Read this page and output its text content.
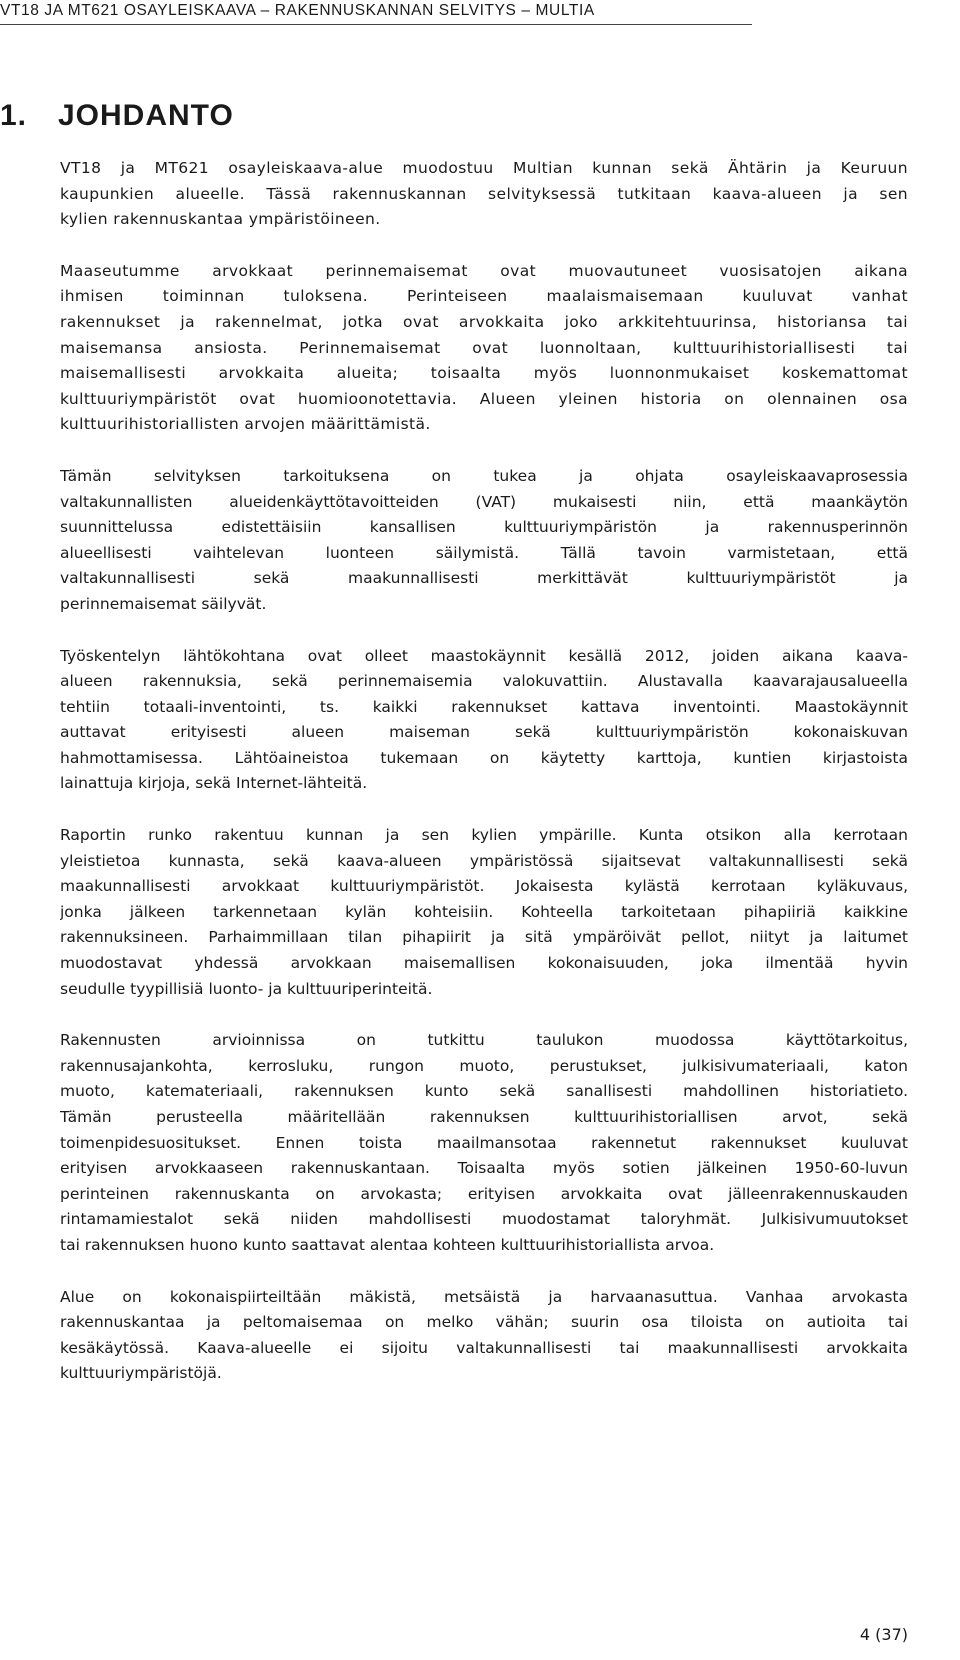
VT18 JA MT621 OSAYLEISKAAVA – RAKENNUSKANNAN SELVITYS – MULTIA
1. JOHDANTO

VT18 ja MT621 osayleiskaava-alue muodostuu Multian kunnan sekä Ähtärin ja Keuruun
kaupunkien alueelle. Tässä rakennuskannan selvityksessä tutkitaan kaava-alueen ja sen
kylien rakennuskantaa ympäristöineen.

Maaseutumme arvokkaat perinnemaisemat ovat muovautuneet vuosisatojen aikana
ihmisen toiminnan tuloksena. Perinteiseen maalaismaisemaan kuuluvat vanhat
rakennukset ja rakennelmat, jotka ovat arvokkaita joko arkkitehtuurinsa, historiansa tai
maisemansa ansiosta. Perinnemaisemat ovat luonnoltaan, kulttuurihistoriallisesti tai
maisemallisesti arvokkaita alueita; toisaalta myös luonnonmukaiset koskemattomat
kulttuuriympäristöt ovat huomioonotettavia. Alueen yleinen historia on olennainen osa
kulttuurihistoriallisten arvojen määrittämistä.

Tämän selvityksen tarkoituksena on tukea ja ohjata osayleiskaavaprosessia
valtakunnallisten alueidenkäyttötavoitteiden (VAT) mukaisesti niin, että maankäytön
suunnittelussa edistettäisiin kansallisen kulttuuriympäristön ja rakennusperinnön
alueellisesti vaihtelevan luonteen säilymistä. Tällä tavoin varmistetaan, että
valtakunnallisesti sekä maakunnallisesti merkittävät kulttuuriympäristöt ja
perinnemaisemat säilyvät.

Työskentelyn lähtökohtana ovat olleet maastokäynnit kesällä 2012, joiden aikana kaava-
alueen rakennuksia, sekä perinnemaisemia valokuvattiin. Alustavalla kaavarajausalueella
tehtiin totaali-inventointi, ts. kaikki rakennukset kattava inventointi. Maastokäynnit
auttavat erityisesti alueen maiseman sekä kulttuuriympäristön kokonaiskuvan
hahmottamisessa. Lähtöaineistoa tukemaan on käytetty karttoja, kuntien kirjastoista
lainattuja kirjoja, sekä Internet-lähteitä.

Raportin runko rakentuu kunnan ja sen kylien ympärille. Kunta otsikon alla kerrotaan
yleistietoa kunnasta, sekä kaava-alueen ympäristössä sijaitsevat valtakunnallisesti sekä
maakunnallisesti arvokkaat kulttuuriympäristöt. Jokaisesta kylästä kerrotaan kyläkuvaus,
jonka jälkeen tarkennetaan kylän kohteisiin. Kohteella tarkoitetaan pihapiiriä kaikkine
rakennuksineen. Parhaimmillaan tilan pihapiirit ja sitä ympäröivät pellot, niityt ja laitumet
muodostavat yhdessä arvokkaan maisemallisen kokonaisuuden, joka ilmentää hyvin
seudulle tyypillisiä luonto- ja kulttuuriperinteitä.

Rakennusten arvioinnissa on tutkittu taulukon muodossa käyttötarkoitus,
rakennusajankohta, kerrosluku, rungon muoto, perustukset, julkisivumateriaali, katon
muoto, katemateriaali, rakennuksen kunto sekä sanallisesti mahdollinen historiatieto.
Tämän perusteella määritellään rakennuksen kulttuurihistoriallisen arvot, sekä
toimenpidesuositukset. Ennen toista maailmansotaa rakennetut rakennukset kuuluvat
erityisen arvokkaaseen rakennuskantaan. Toisaalta myös sotien jälkeinen 1950-60-luvun
perinteinen rakennuskanta on arvokasta; erityisen arvokkaita ovat jälleenrakennuskauden
rintamamiestalot sekä niiden mahdollisesti muodostamat taloryhmät. Julkisivumuutokset
tai rakennuksen huono kunto saattavat alentaa kohteen kulttuurihistoriallista arvoa.

Alue on kokonaispiirteiltään mäkistä, metsäistä ja harvaanasuttua. Vanhaa arvokasta
rakennuskantaa ja peltomaisemaa on melko vähän; suurin osa tiloista on autioita tai
kesäkäytössä. Kaava-alueelle ei sijoitu valtakunnallisesti tai maakunnallisesti arvokkaita
kulttuuriympäristöjä.

4 (37)
